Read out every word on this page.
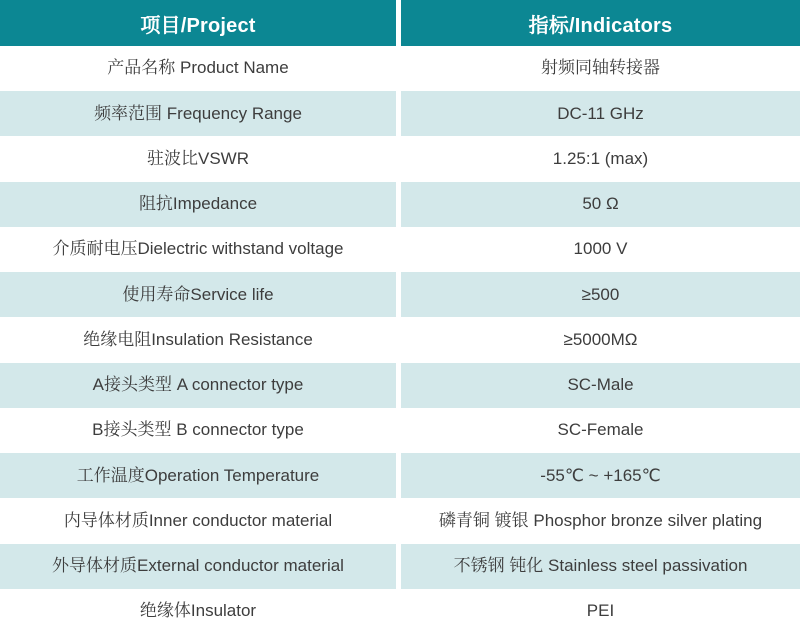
项目/Project	指标/Indicators
产品名称 Product Name	射频同轴转接器
频率范围 Frequency Range	DC-11 GHz
驻波比VSWR	1.25:1 (max)
阻抗Impedance	50 Ω
介质耐电压Dielectric withstand voltage	1000 V
使用寿命Service life	≥500
绝缘电阻Insulation Resistance	≥5000MΩ
A接头类型 A connector type	SC-Male
B接头类型 B connector type	SC-Female
工作温度Operation Temperature	-55℃ ~ +165℃
内导体材质Inner conductor material	磷青铜 镀银 Phosphor bronze silver plating
外导体材质External conductor material	不锈钢 钝化 Stainless steel passivation
绝缘体Insulator	PEI
